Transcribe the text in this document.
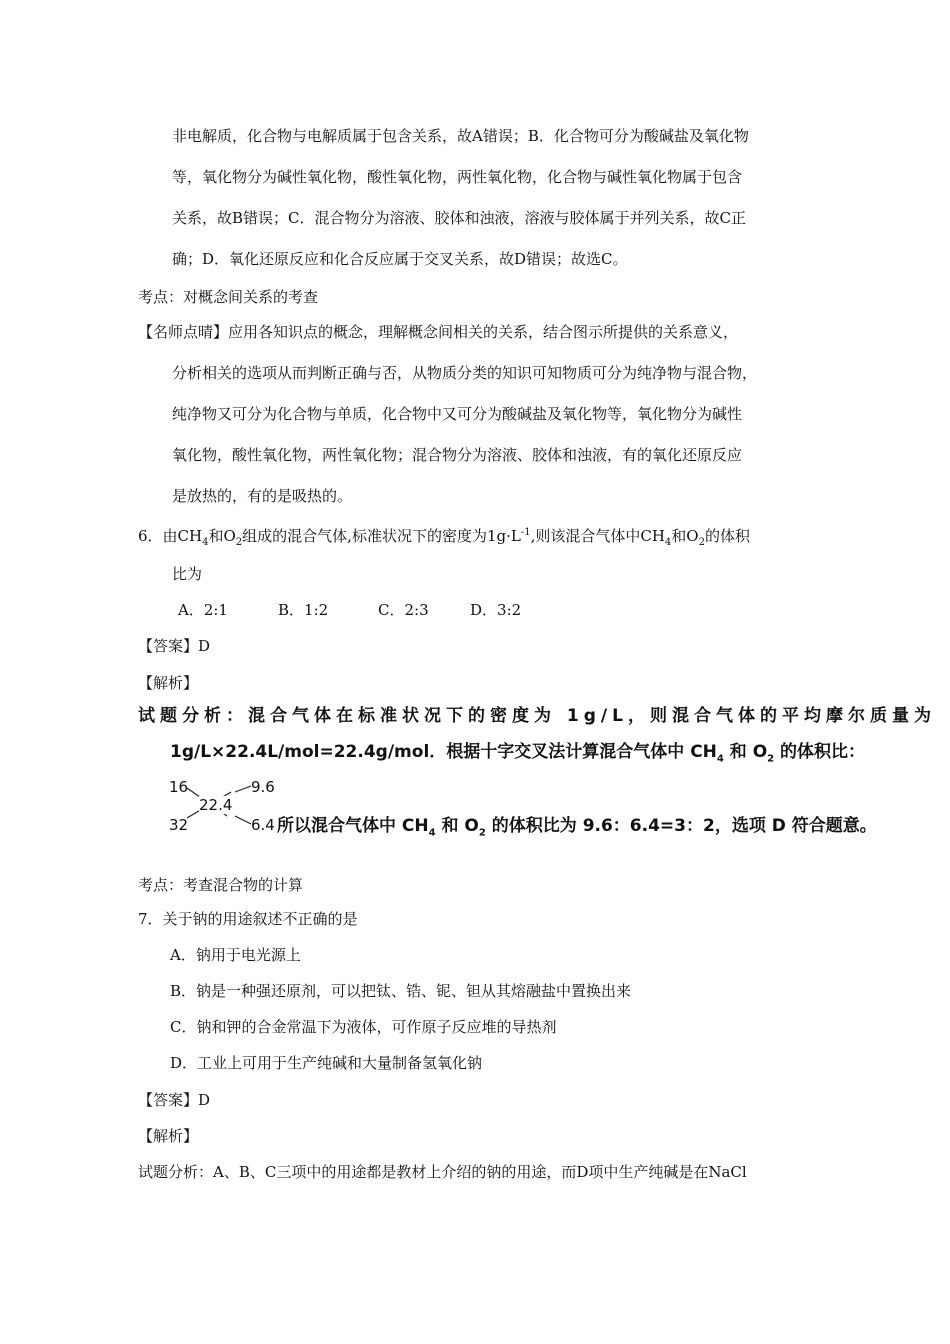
非电解质，化合物与电解质属于包含关系，故A错误；B．化合物可分为酸碱盐及氧化物
等，氧化物分为碱性氧化物，酸性氧化物，两性氧化物，化合物与碱性氧化物属于包含
关系，故B错误；C．混合物分为溶液、胶体和浊液，溶液与胶体属于并列关系，故C正
确；D．氧化还原反应和化合反应属于交叉关系，故D错误；故选C。
考点：对概念间关系的考查
【名师点晴】应用各知识点的概念，理解概念间相关的关系，结合图示所提供的关系意义，
分析相关的选项从而判断正确与否，从物质分类的知识可知物质可分为纯净物与混合物，
纯净物又可分为化合物与单质，化合物中又可分为酸碱盐及氧化物等，氧化物分为碱性
氧化物，酸性氧化物，两性氧化物；混合物分为溶液、胶体和浊液，有的氧化还原反应
是放热的，有的是吸热的。
6．由$CH_4$和$O_2$组成的混合气体,标准状况下的密度为$1g\cdot L^{-1}$,则该混合气体中$CH_4$和$O_2$的体积
比为
A．2:1	B．1:2	C．2:3	D．3:2
【答案】D
【解析】
试题分析：混合气体在标准状况下的密度为 1g/L，则混合气体的平均摩尔质量为
1g/L×22.4L/mol=22.4g/mol．根据十字交叉法计算混合气体中 $CH_4$ 和 $O_2$ 的体积比：
16	9.6
22.4
32	6.4 所以混合气体中 $CH_4$ 和 $O_2$ 的体积比为 9.6：6.4=3：2，选项 D 符合题意。
考点：考查混合物的计算
7．关于钠的用途叙述不正确的是
A．钠用于电光源上
B．钠是一种强还原剂，可以把钛、锆、铌、钽从其熔融盐中置换出来
C．钠和钾的合金常温下为液体，可作原子反应堆的导热剂
D．工业上可用于生产纯碱和大量制备氢氧化钠
【答案】D
【解析】
试题分析：A、B、C三项中的用途都是教材上介绍的钠的用途，而D项中生产纯碱是在NaCl
